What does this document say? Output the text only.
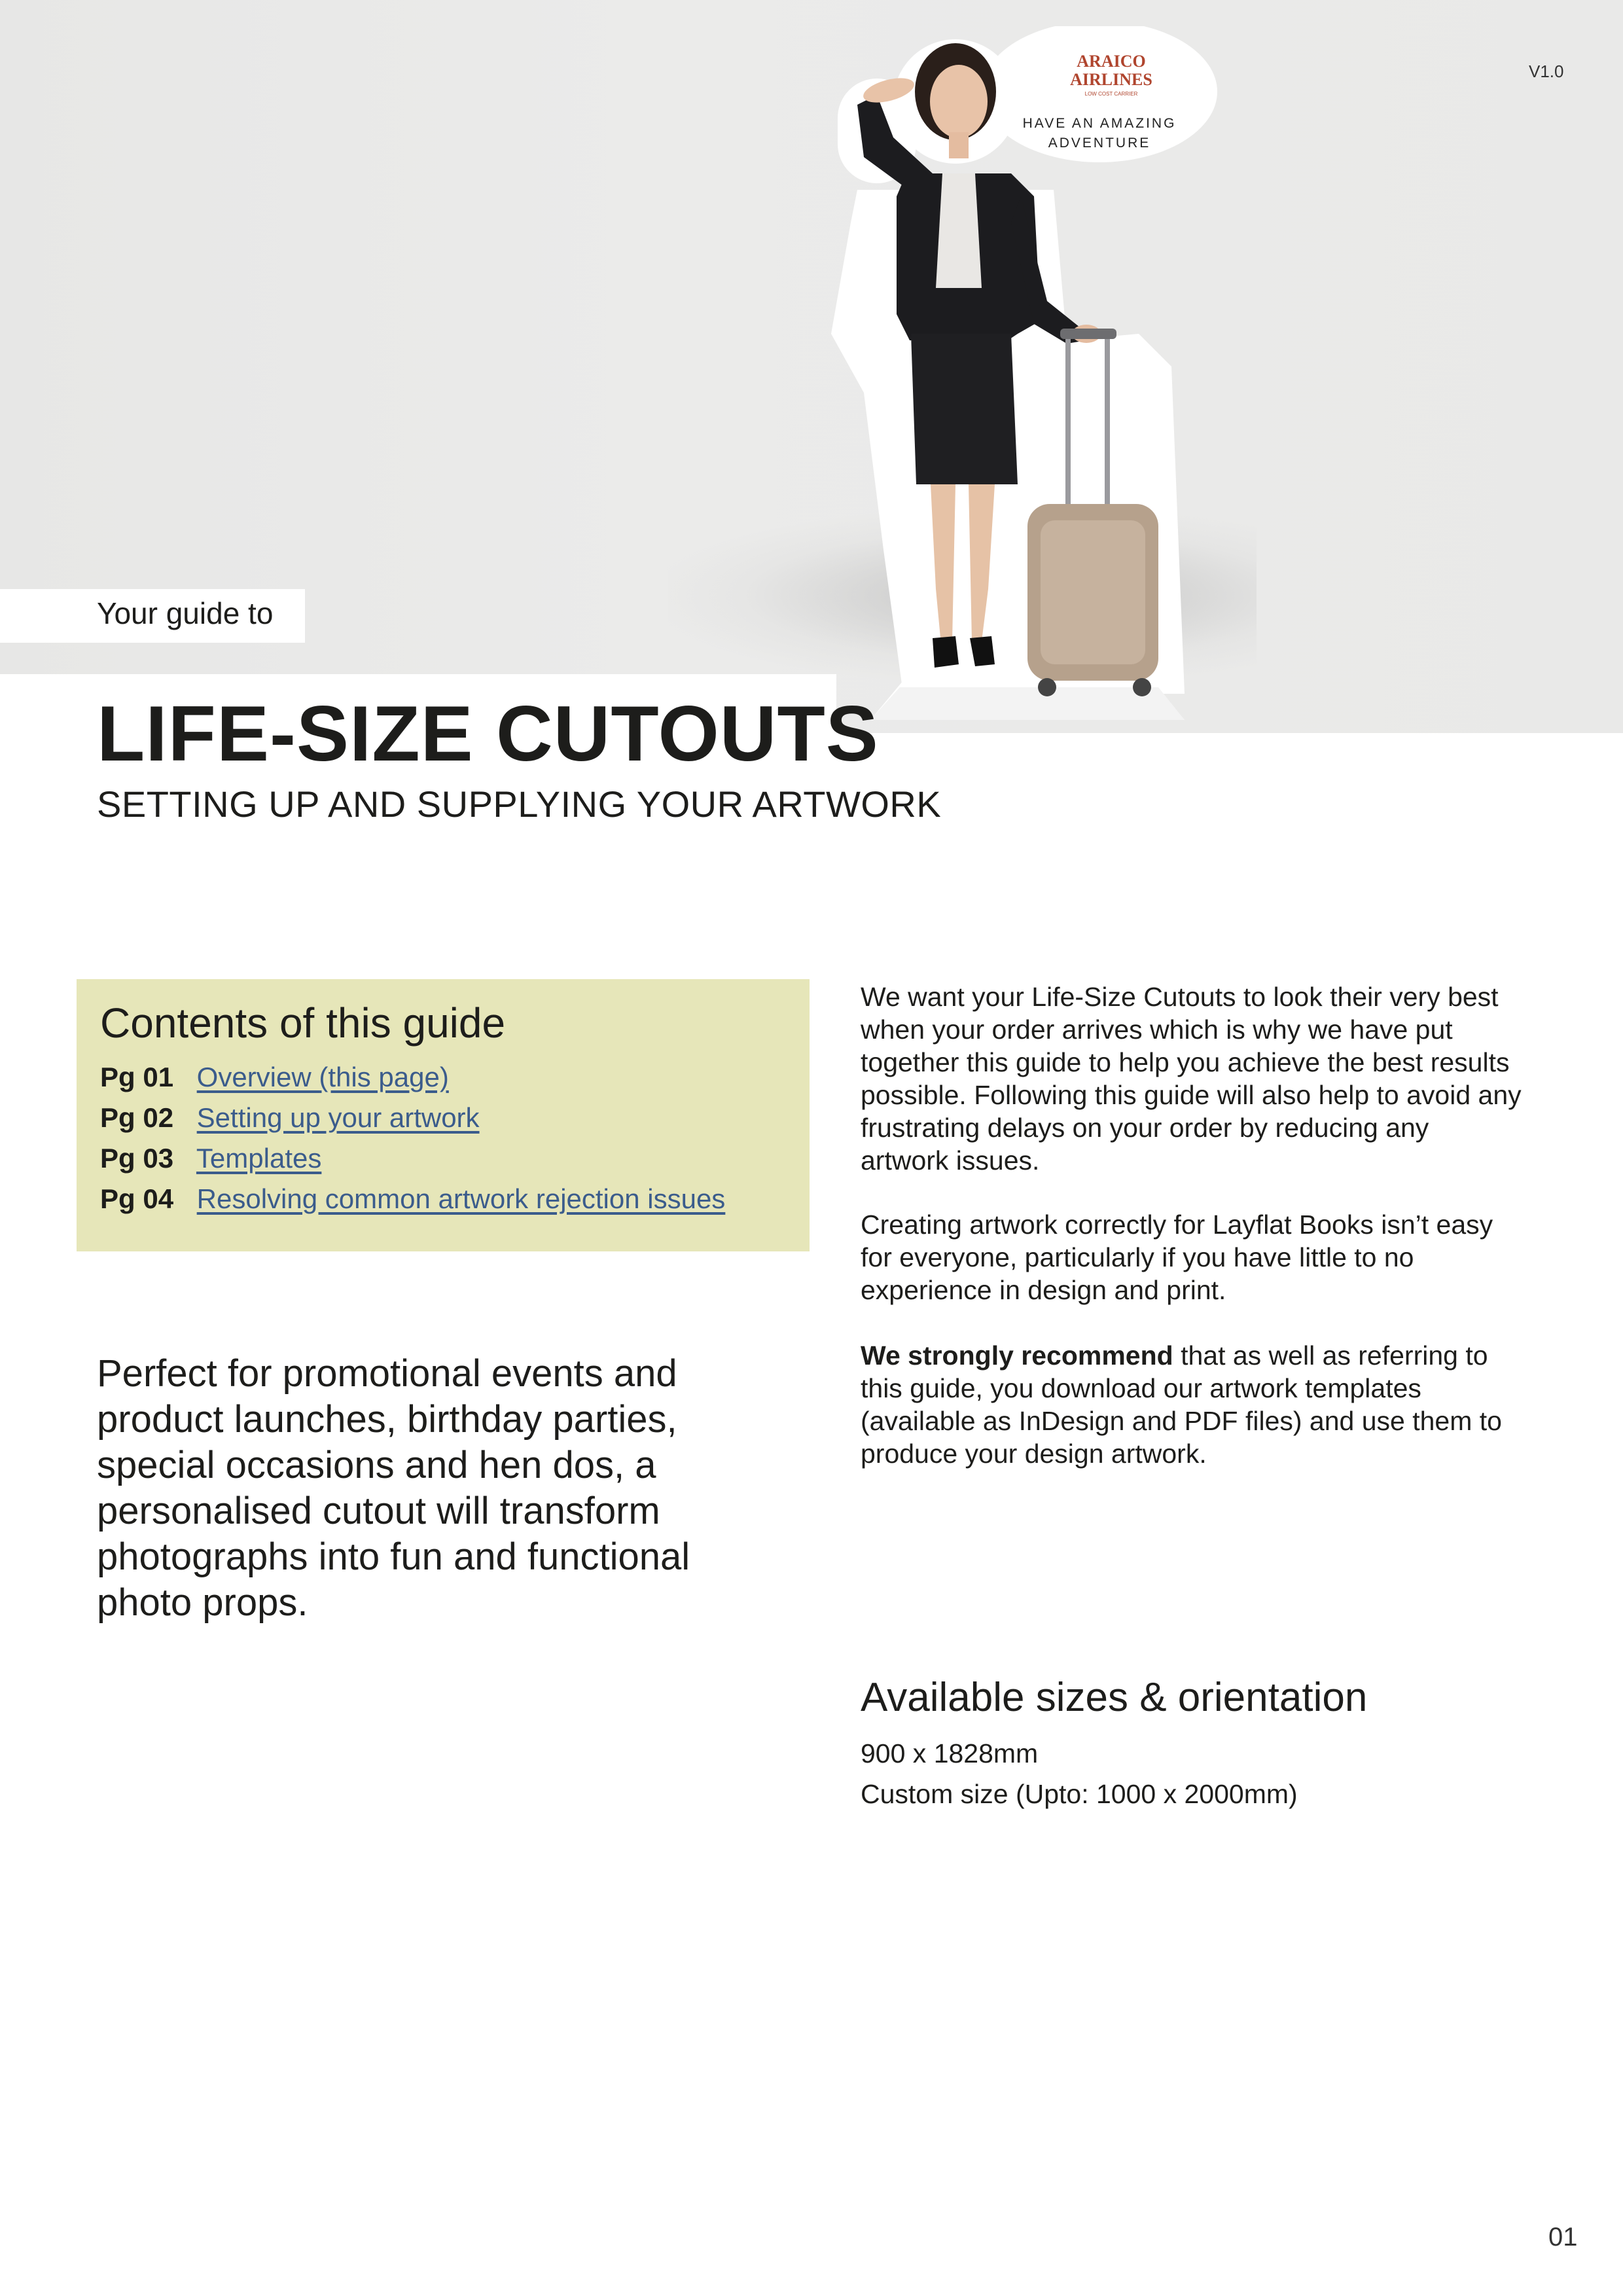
ARAICO
AIRLINES
LOW COST CARRIER
HAVE AN AMAZING
ADVENTURE
V1.0
Your guide to
LIFE-SIZE CUTOUTS
SETTING UP AND SUPPLYING YOUR ARTWORK
Contents of this guide
Pg 01 Overview (this page)
Pg 02 Setting up your artwork
Pg 03 Templates
Pg 04 Resolving common artwork rejection issues

Perfect for promotional events and product launches, birthday parties, special occasions and hen dos, a personalised cutout will transform photographs into fun and functional photo props.

We want your Life-Size Cutouts to look their very best when your order arrives which is why we have put together this guide to help you achieve the best results possible. Following this guide will also help to avoid any frustrating delays on your order by reducing any artwork issues.

Creating artwork correctly for Layflat Books isn’t easy for everyone, particularly if you have little to no experience in design and print.

We strongly recommend that as well as referring to this guide, you download our artwork templates (available as InDesign and PDF files) and use them to produce your design artwork.

Available sizes & orientation
900 x 1828mm
Custom size (Upto: 1000 x 2000mm)
01
